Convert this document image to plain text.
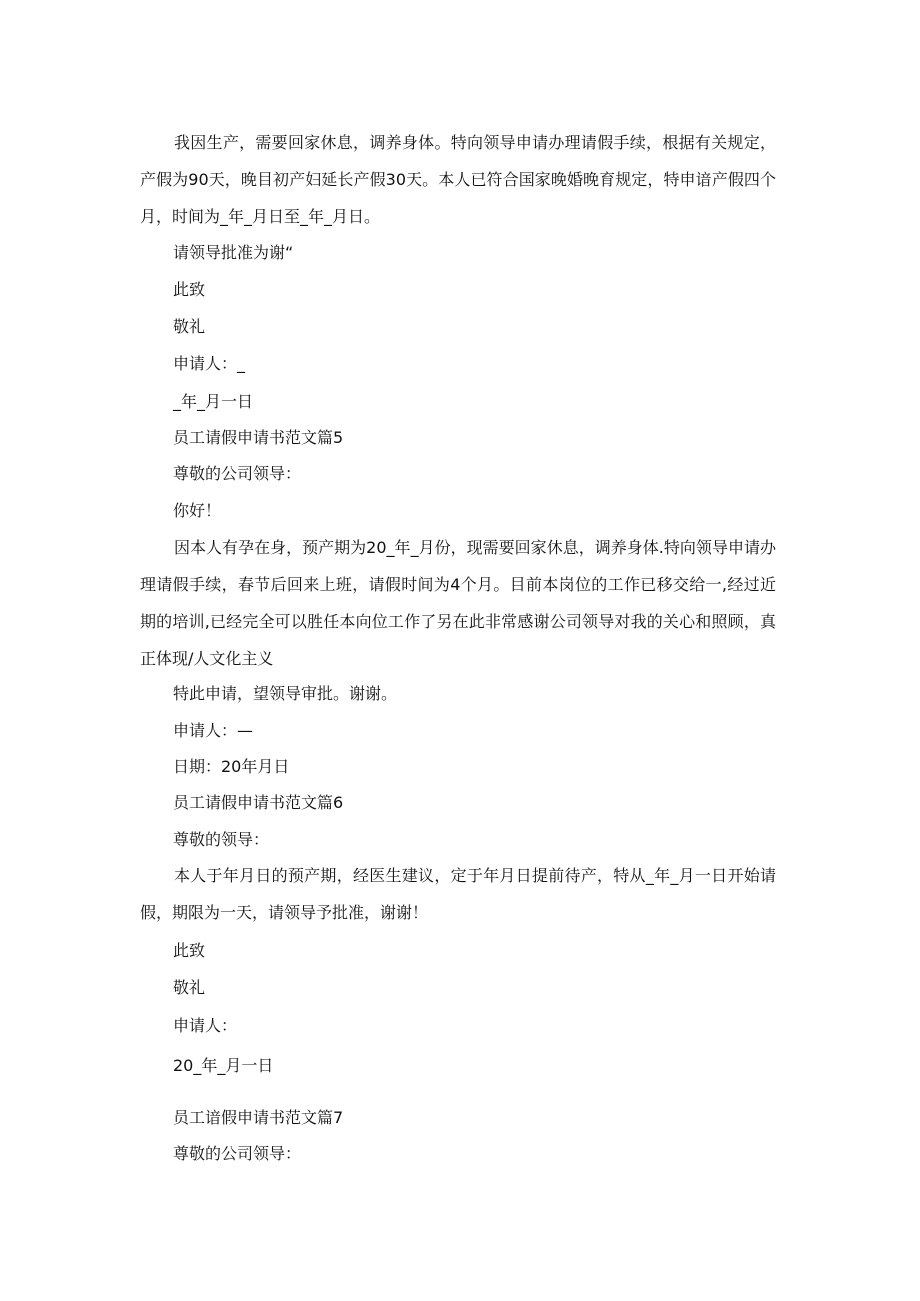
我因生产，需要回家休息，调养身体。特向领导申请办理请假手续，根据有关规定，产假为90天，晚目初产妇延长产假30天。本人已符合国家晚婚晚育规定，特申谙产假四个月，时间为_年_月日至_年_月日。
请领导批准为谢“
此致
敬礼
申请人：_
_年_月一日
员工请假申请书范文篇5
尊敬的公司领导：
你好！
因本人有孕在身，预产期为20_年_月份，现需要回家休息，调养身体.特向领导申请办理请假手续，春节后回来上班，请假时间为4个月。目前本岗位的工作已移交给一,经过近期的培训,已经完全可以胜任本向位工作了另在此非常感谢公司领导对我的关心和照顾，真正体现/人文化主义
特此申请，望领导审批。谢谢。
申请人：—
日期：20年月日
员工请假申请书范文篇6
尊敬的领导：
本人于年月日的预产期，经医生建议，定于年月日提前待产，特从_年_月一日开始请假，期限为一天，请领导予批准，谢谢！
此致
敬礼
申请人：
20_年_月一日
员工谙假申请书范文篇7
尊敬的公司领导：
